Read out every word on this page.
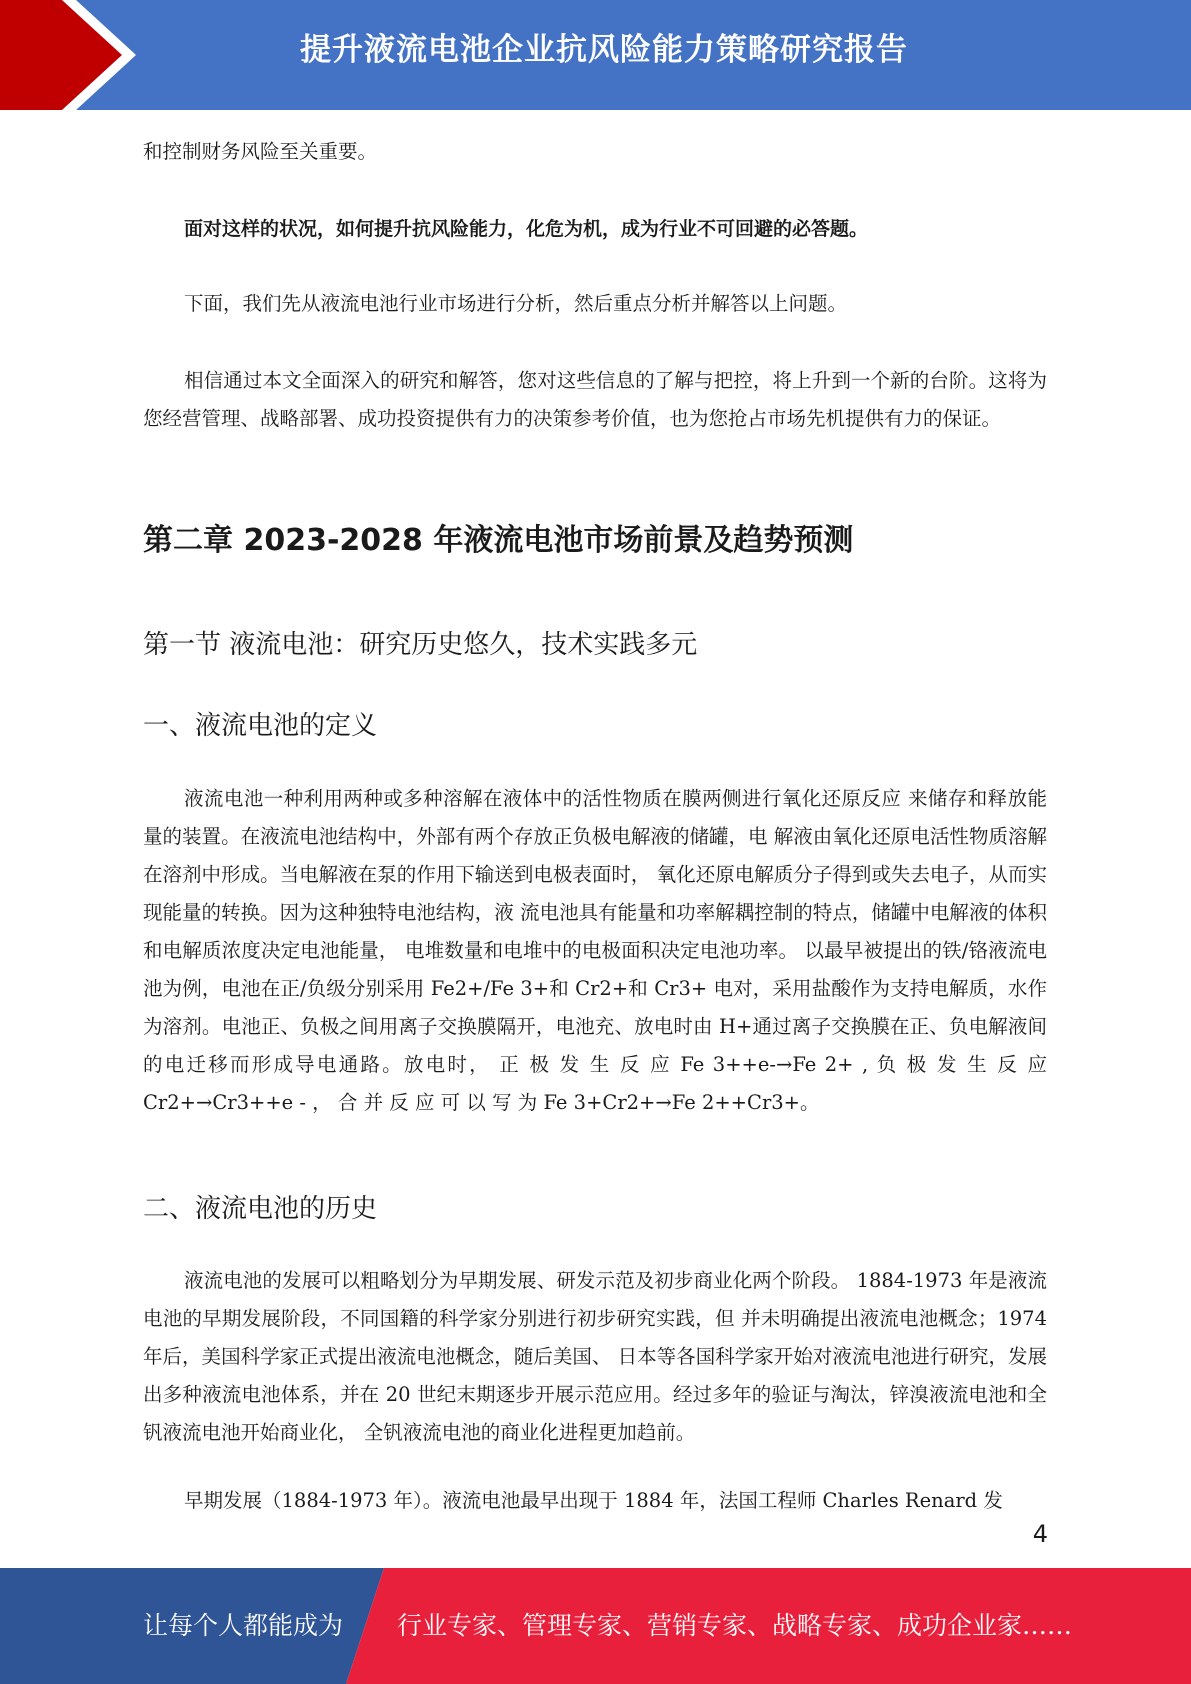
提升液流电池企业抗风险能力策略研究报告

和控制财务风险至关重要。

面对这样的状况，如何提升抗风险能力，化危为机，成为行业不可回避的必答题。

下面，我们先从液流电池行业市场进行分析，然后重点分析并解答以上问题。

相信通过本文全面深入的研究和解答，您对这些信息的了解与把控，将上升到一个新的台阶。这将为您经营管理、战略部署、成功投资提供有力的决策参考价值，也为您抢占市场先机提供有力的保证。

第二章 2023-2028 年液流电池市场前景及趋势预测
第一节 液流电池：研究历史悠久，技术实践多元
一、液流电池的定义

液流电池一种利用两种或多种溶解在液体中的活性物质在膜两侧进行氧化还原反应 来储存和释放能量的装置。在液流电池结构中，外部有两个存放正负极电解液的储罐，电 解液由氧化还原电活性物质溶解在溶剂中形成。当电解液在泵的作用下输送到电极表面时， 氧化还原电解质分子得到或失去电子，从而实现能量的转换。因为这种独特电池结构，液 流电池具有能量和功率解耦控制的特点，储罐中电解液的体积和电解质浓度决定电池能量， 电堆数量和电堆中的电极面积决定电池功率。 以最早被提出的铁/铬液流电池为例，电池在正/负级分别采用 Fe2+/Fe 3+和 Cr2+和 Cr3+ 电对，采用盐酸作为支持电解质，水作为溶剂。电池正、负极之间用离子交换膜隔开，电池充、放电时由 H+通过离子交换膜在正、负电解液间的电迁移而形成导电通路。放电时， 正 极 发 生 反 应 Fe 3++e-→Fe 2+ , 负 极 发 生 反 应 Cr2+→Cr3++e - ， 合 并 反 应 可 以 写 为 Fe 3+Cr2+→Fe 2++Cr3+。

二、液流电池的历史

液流电池的发展可以粗略划分为早期发展、研发示范及初步商业化两个阶段。 1884-1973 年是液流电池的早期发展阶段，不同国籍的科学家分别进行初步研究实践，但 并未明确提出液流电池概念；1974 年后，美国科学家正式提出液流电池概念，随后美国、 日本等各国科学家开始对液流电池进行研究，发展出多种液流电池体系，并在 20 世纪末期逐步开展示范应用。经过多年的验证与淘汰，锌溴液流电池和全钒液流电池开始商业化， 全钒液流电池的商业化进程更加趋前。

早期发展（1884-1973 年）。液流电池最早出现于 1884 年，法国工程师 Charles Renard 发

4
让每个人都能成为 行业专家、管理专家、营销专家、战略专家、成功企业家……
